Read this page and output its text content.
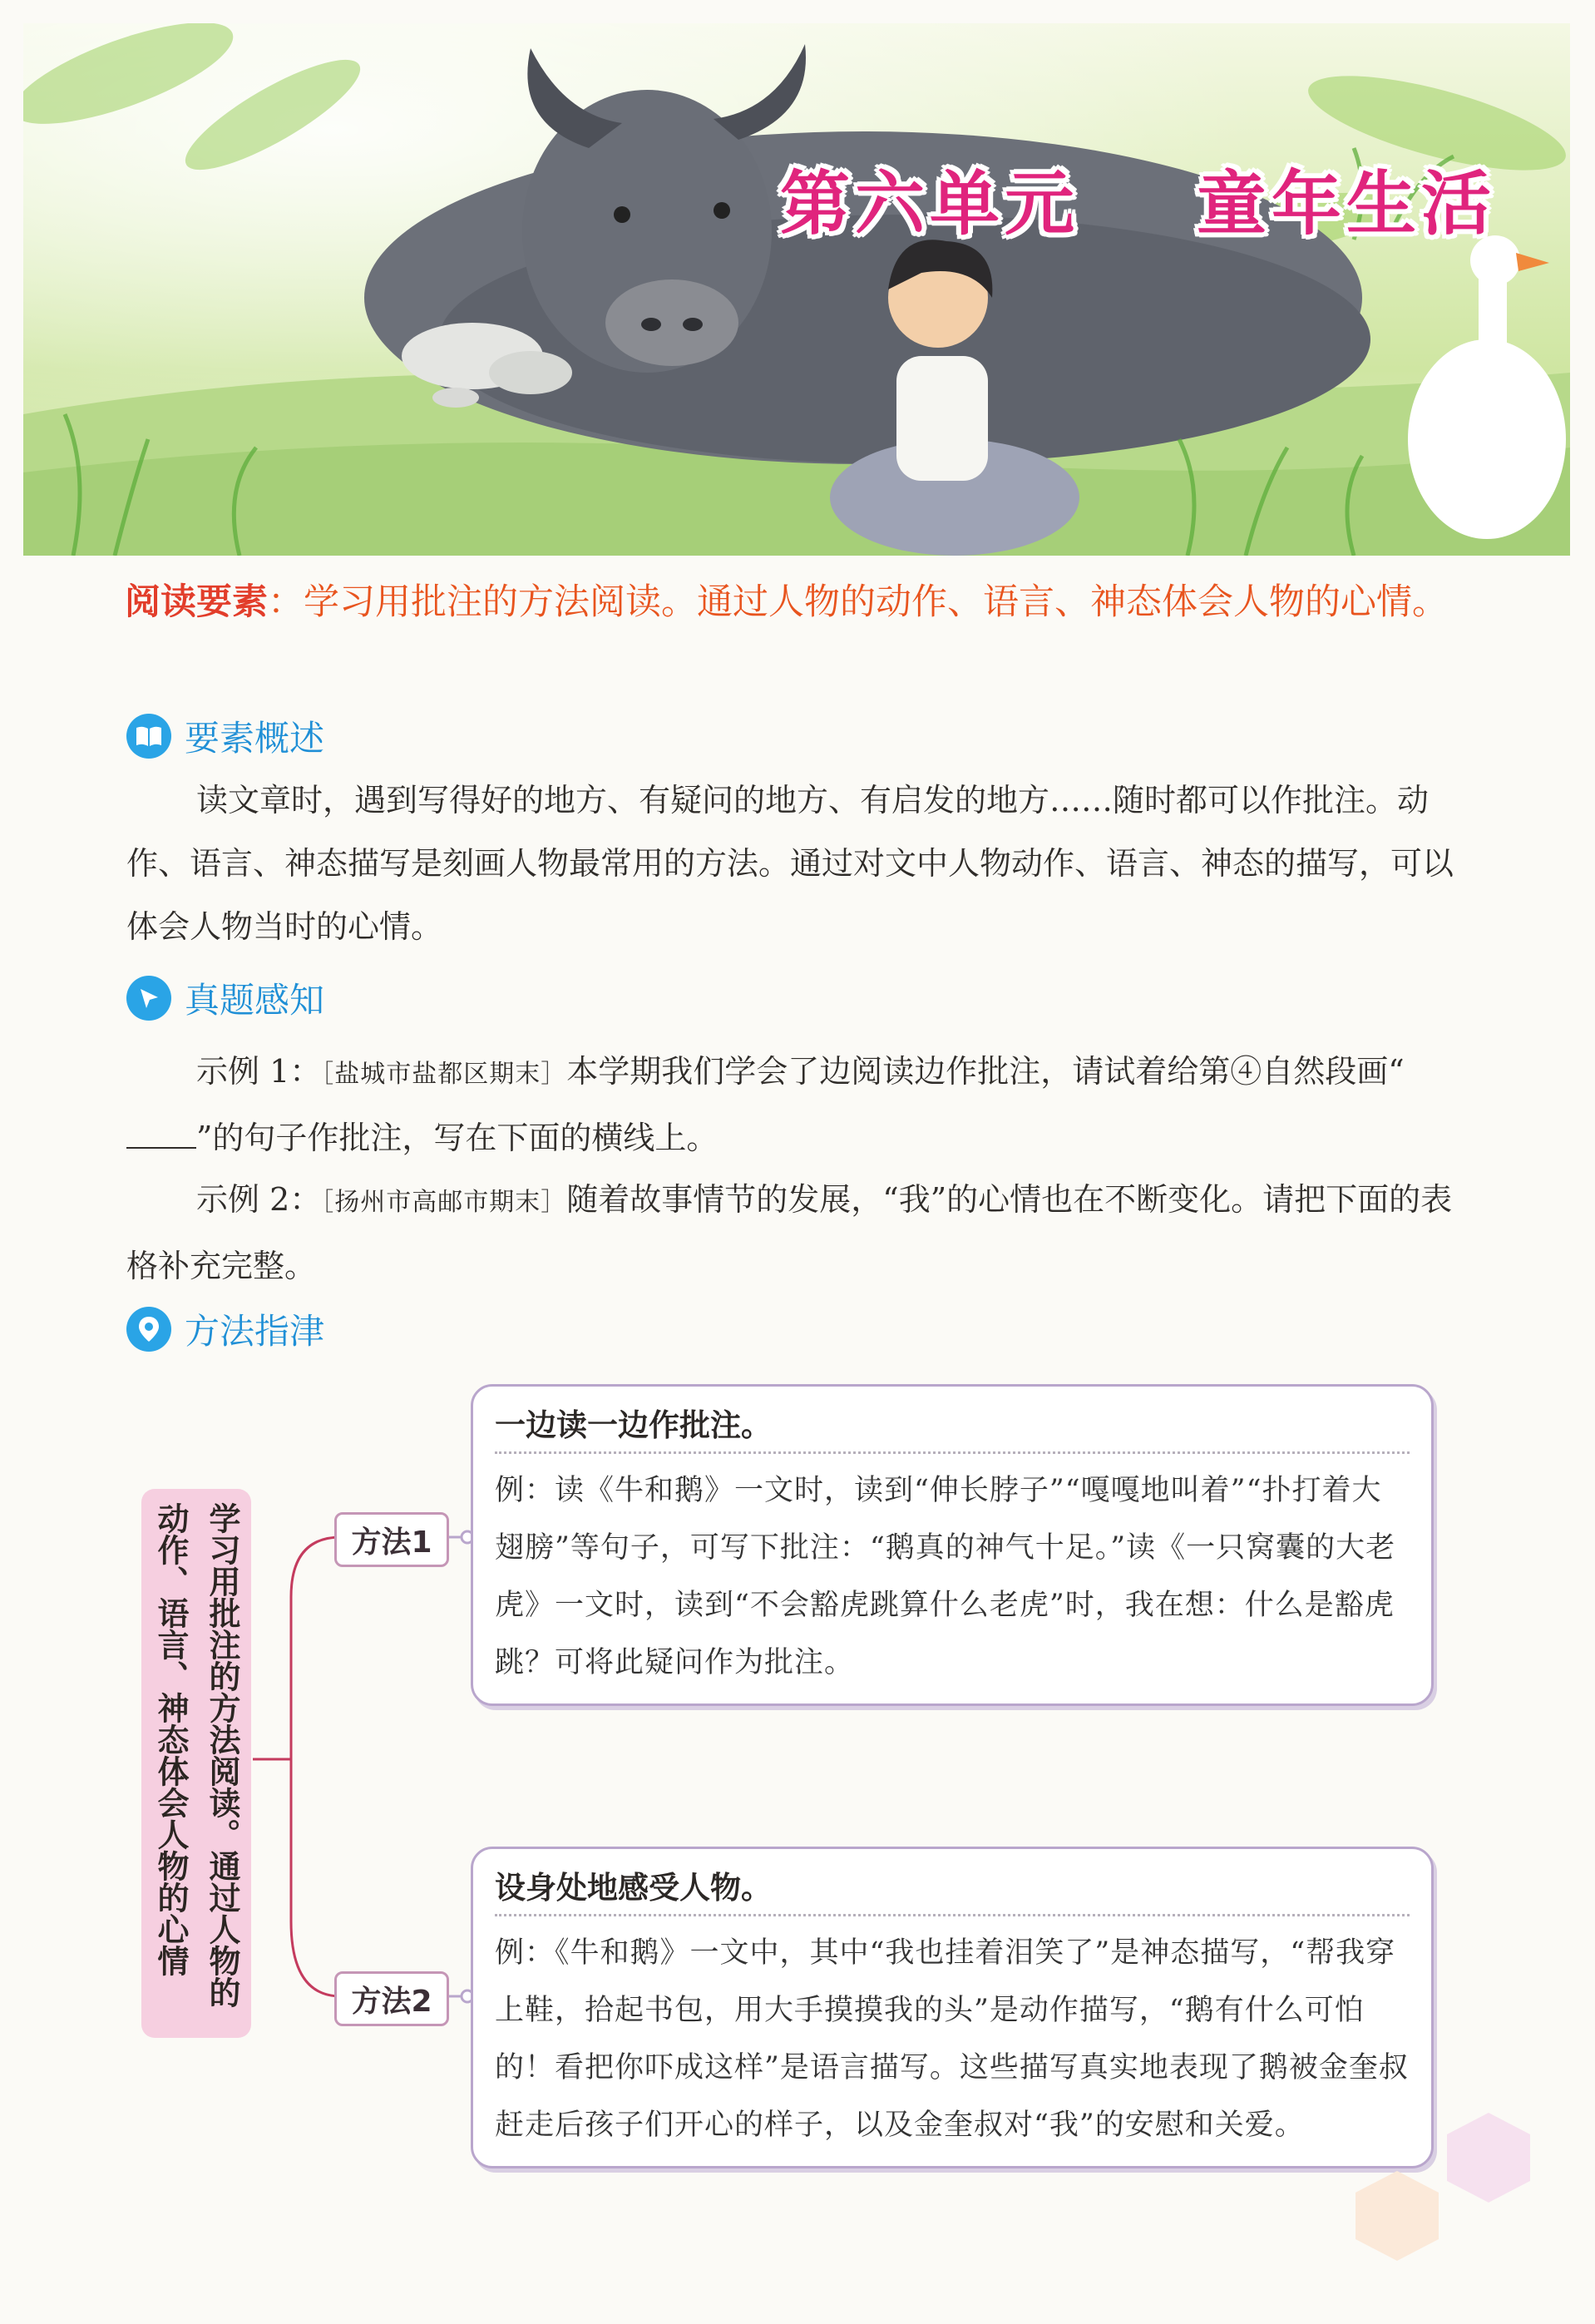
第六单元    童年生活
阅读要素：学习用批注的方法阅读。通过人物的动作、语言、神态体会人物的心情。
要素概述

读文章时，遇到写得好的地方、有疑问的地方、有启发的地方……随时都可以作批注。动作、语言、神态描写是刻画人物最常用的方法。通过对文中人物动作、语言、神态的描写，可以体会人物当时的心情。

真题感知

示例 1：［盐城市盐都区期末］本学期我们学会了边阅读边作批注，请试着给第④自然段画“”的句子作批注，写在下面的横线上。

示例 2：［扬州市高邮市期末］随着故事情节的发展，“我”的心情也在不断变化。请把下面的表格补充完整。

方法指津
学习用批注的方法阅读。通过人物的
动作、语言、神态体会人物的心情	方法1
方法2
一边读一边作批注。
例：读《牛和鹅》一文时，读到“伸长脖子”“嘎嘎地叫着”“扑打着大翅膀”等句子，可写下批注：“鹅真的神气十足。”读《一只窝囊的大老虎》一文时，读到“不会豁虎跳算什么老虎”时，我在想：什么是豁虎跳？可将此疑问作为批注。
设身处地感受人物。
例：《牛和鹅》一文中，其中“我也挂着泪笑了”是神态描写，“帮我穿上鞋，拾起书包，用大手摸摸我的头”是动作描写，“鹅有什么可怕的！看把你吓成这样”是语言描写。这些描写真实地表现了鹅被金奎叔赶走后孩子们开心的样子，以及金奎叔对“我”的安慰和关爱。
